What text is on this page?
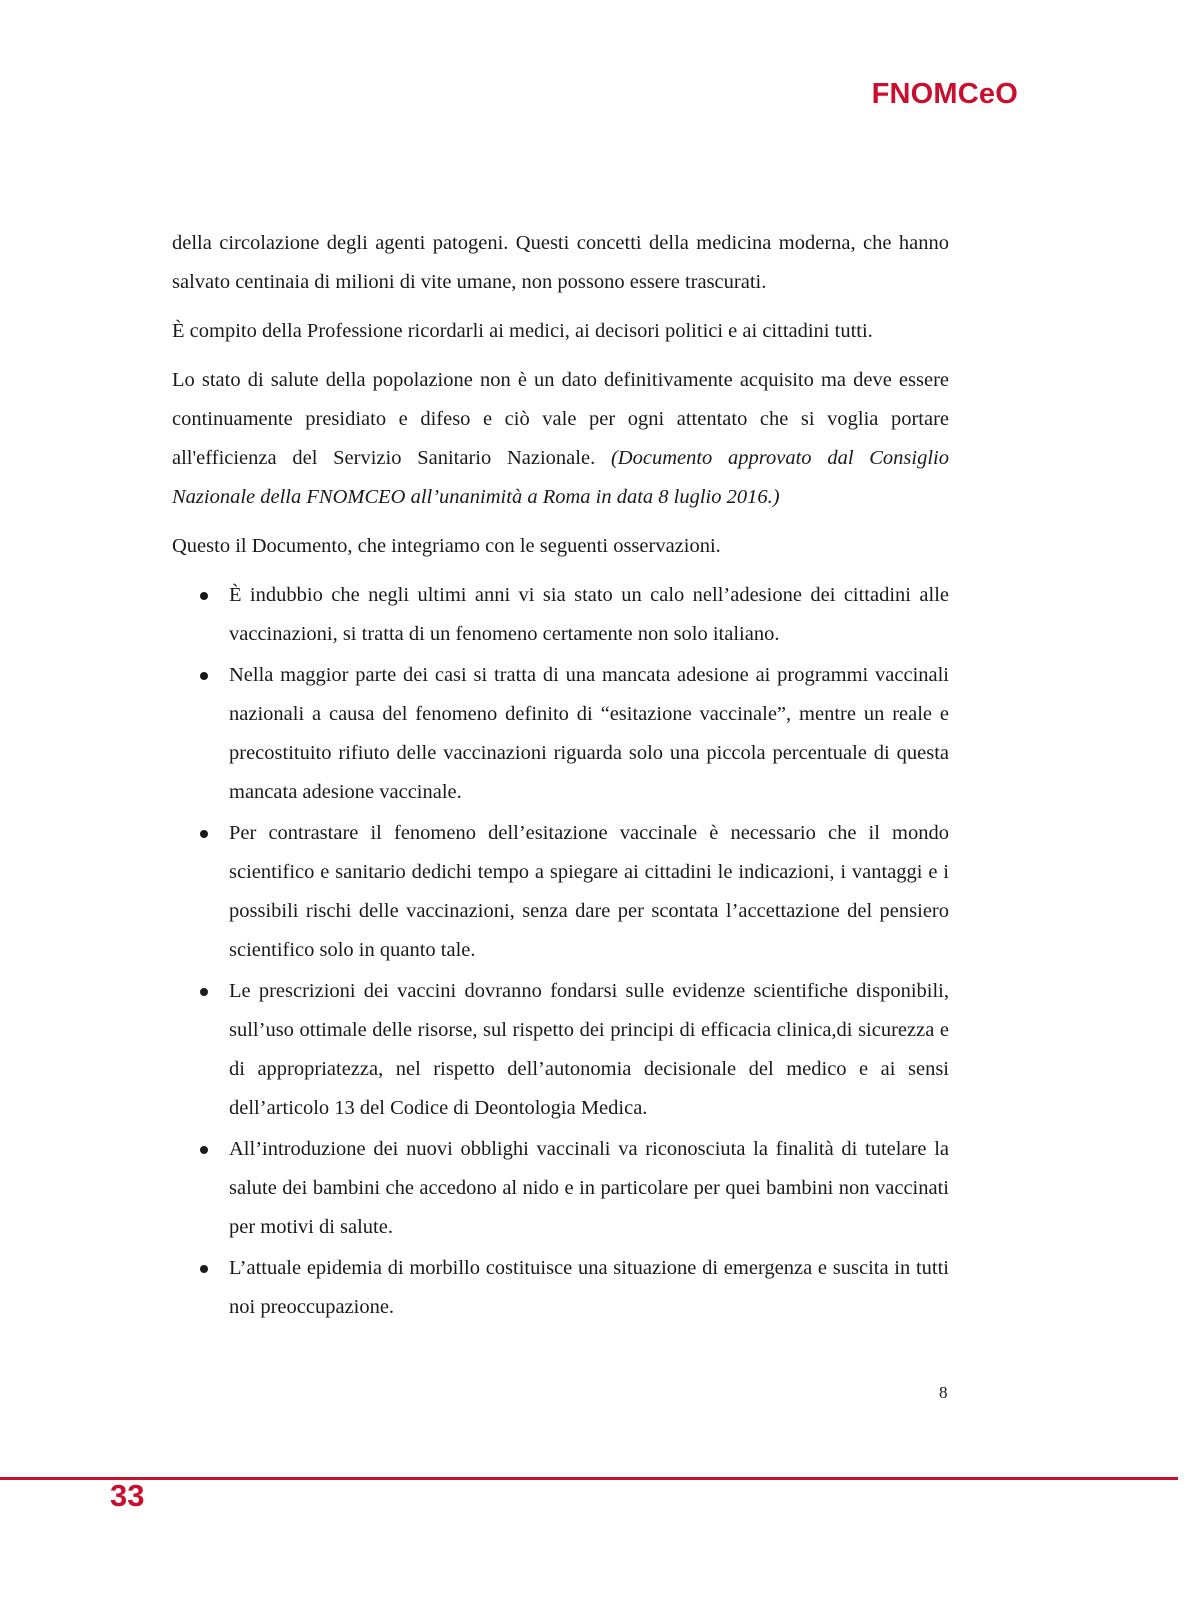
FNOMCeO

della circolazione degli agenti patogeni. Questi concetti della medicina moderna, che hanno salvato centinaia di milioni di vite umane, non possono essere trascurati.

È compito della Professione ricordarli ai medici, ai decisori politici e ai cittadini tutti.

Lo stato di salute della popolazione non è un dato definitivamente acquisito ma deve essere continuamente presidiato e difeso e ciò vale per ogni attentato che si voglia portare all'efficienza del Servizio Sanitario Nazionale. (Documento approvato dal Consiglio Nazionale della FNOMCEO all’unanimità a Roma in data 8 luglio 2016.)

Questo il Documento, che integriamo con le seguenti osservazioni.

È indubbio che negli ultimi anni vi sia stato un calo nell’adesione dei cittadini alle vaccinazioni, si tratta di un fenomeno certamente non solo italiano.
Nella maggior parte dei casi si tratta di una mancata adesione ai programmi vaccinali nazionali a causa del fenomeno definito di “esitazione vaccinale”, mentre un reale e precostituito rifiuto delle vaccinazioni riguarda solo una piccola percentuale di questa mancata adesione vaccinale.
Per contrastare il fenomeno dell’esitazione vaccinale è necessario che il mondo scientifico e sanitario dedichi tempo a spiegare ai cittadini le indicazioni, i vantaggi e i possibili rischi delle vaccinazioni, senza dare per scontata l’accettazione del pensiero scientifico solo in quanto tale.
Le prescrizioni dei vaccini dovranno fondarsi sulle evidenze scientifiche disponibili, sull’uso ottimale delle risorse, sul rispetto dei principi di efficacia clinica,di sicurezza e di appropriatezza, nel rispetto dell’autonomia decisionale del medico e ai sensi dell’articolo 13 del Codice di Deontologia Medica.
All’introduzione dei nuovi obblighi vaccinali va riconosciuta la finalità di tutelare la salute dei bambini che accedono al nido e in particolare per quei bambini non vaccinati per motivi di salute.
L’attuale epidemia di morbillo costituisce una situazione di emergenza e suscita in tutti noi preoccupazione.
8
33
